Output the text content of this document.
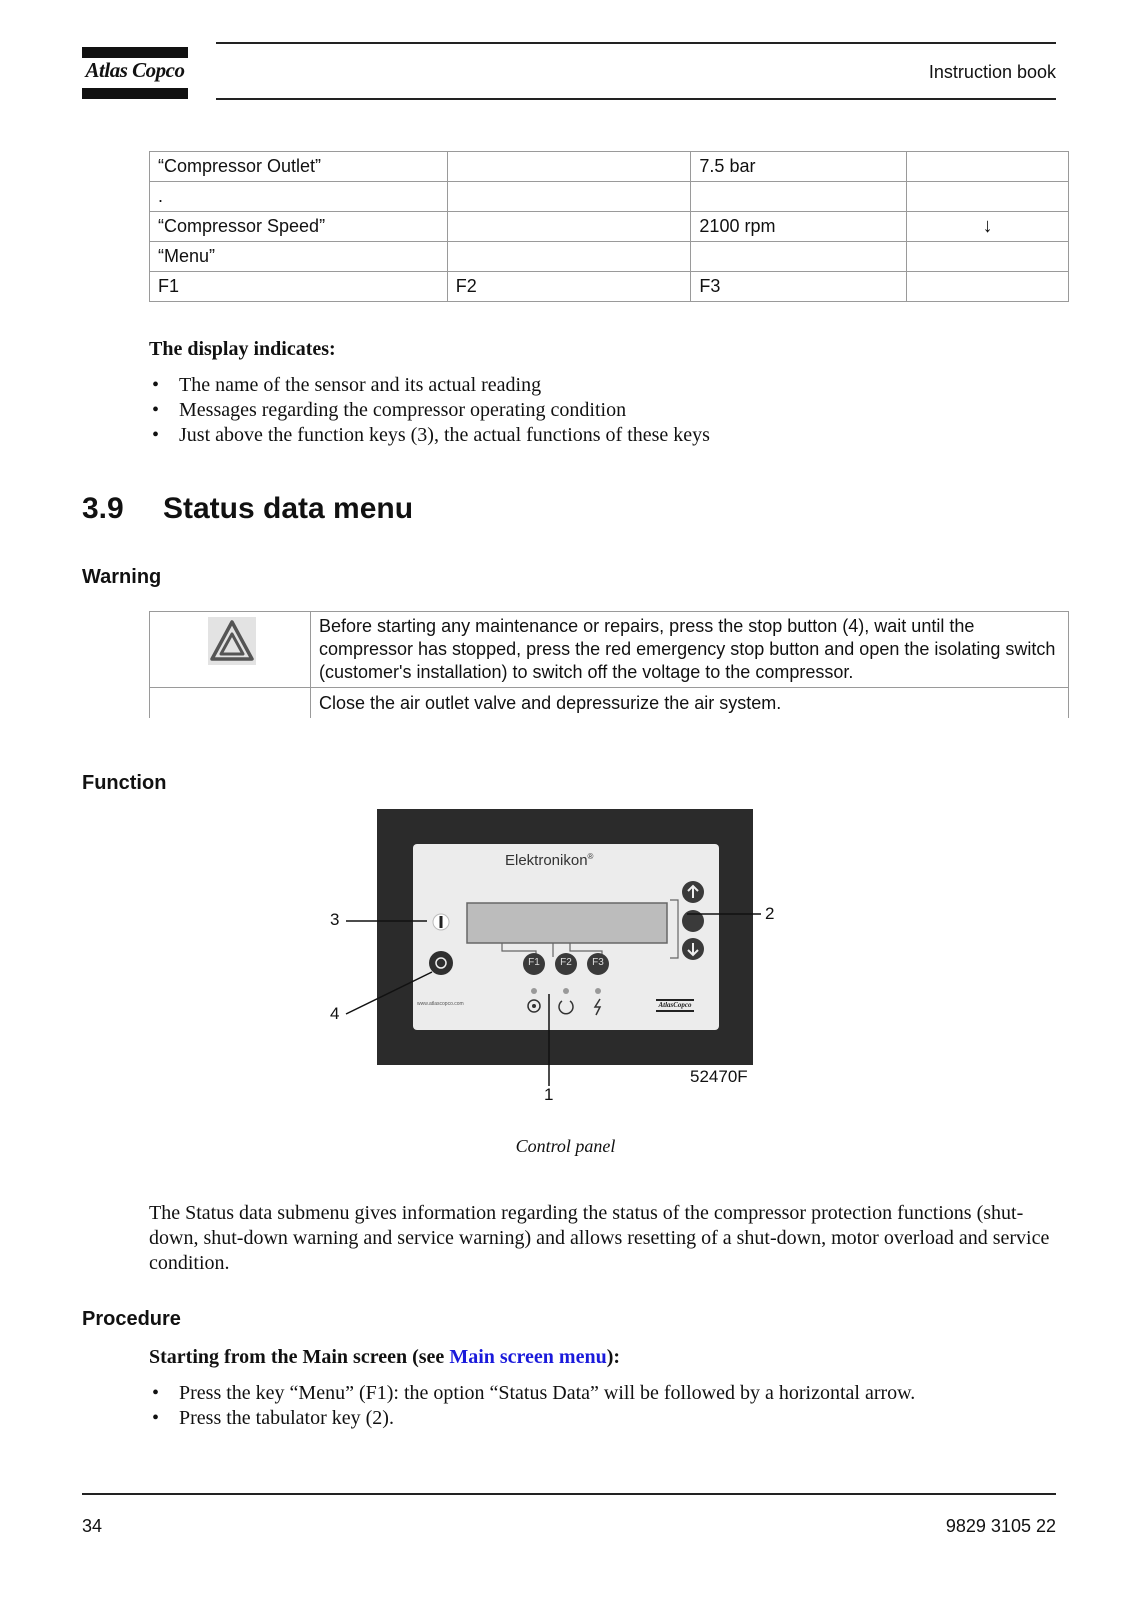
Atlas Copco	Instruction book
“Compressor Outlet”		7.5 bar	
.			
“Compressor Speed”		2100 rpm	↓
“Menu”			
F1	F2	F3	
The display indicates:
• The name of the sensor and its actual reading
• Messages regarding the compressor operating condition
• Just above the function keys (3), the actual functions of these keys
3.9 Status data menu
Warning
Before starting any maintenance or repairs, press the stop button (4), wait until the compressor has stopped, press the red emergency stop button and open the isolating switch (customer's installation) to switch off the voltage to the compressor.
Close the air outlet valve and depressurize the air system.
Function
Elektronikon®
F1 F2 F3
www.atlascopco.com	AtlasCopco
1
2
3
4
52470F
Control panel
The Status data submenu gives information regarding the status of the compressor protection functions (shut-down, shut-down warning and service warning) and allows resetting of a shut-down, motor overload and service condition.
Procedure
Starting from the Main screen (see Main screen menu):
• Press the key “Menu” (F1): the option “Status Data” will be followed by a horizontal arrow.
• Press the tabulator key (2).
34	9829 3105 22
